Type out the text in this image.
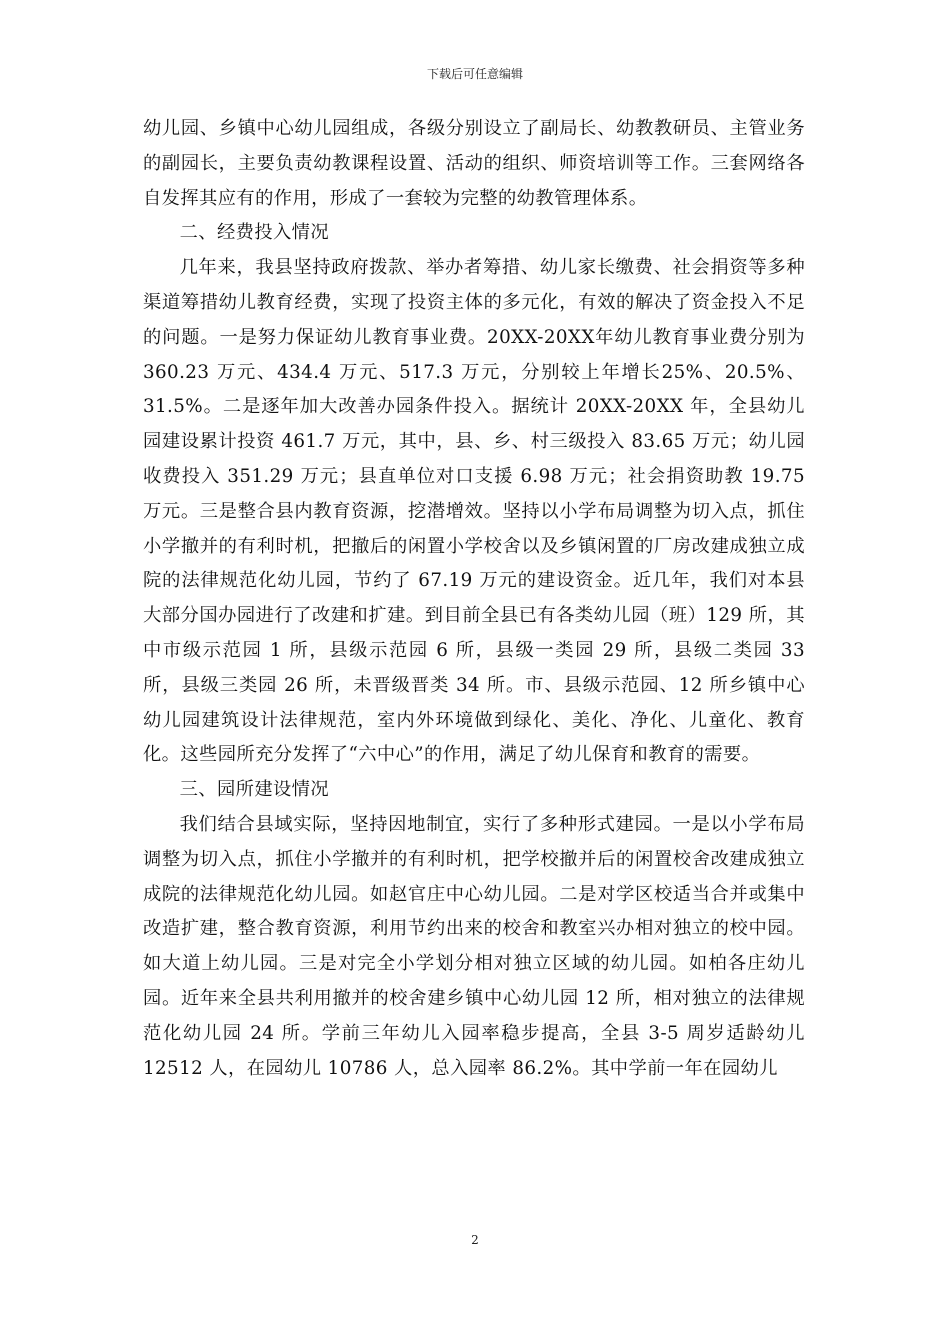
下载后可任意编辑

幼儿园、乡镇中心幼儿园组成，各级分别设立了副局长、幼教教研员、主管业务的副园长，主要负责幼教课程设置、活动的组织、师资培训等工作。三套网络各自发挥其应有的作用，形成了一套较为完整的幼教管理体系。

二、经费投入情况

几年来，我县坚持政府拨款、举办者筹措、幼儿家长缴费、社会捐资等多种渠道筹措幼儿教育经费，实现了投资主体的多元化，有效的解决了资金投入不足的问题。一是努力保证幼儿教育事业费。20XX-20XX年幼儿教育事业费分别为 360.23 万元、434.4 万元、517.3 万元，分别较上年增长25%、20.5%、31.5%。二是逐年加大改善办园条件投入。据统计 20XX-20XX 年，全县幼儿园建设累计投资 461.7 万元，其中，县、乡、村三级投入 83.65 万元；幼儿园收费投入 351.29 万元；县直单位对口支援 6.98 万元；社会捐资助教 19.75 万元。三是整合县内教育资源，挖潜增效。坚持以小学布局调整为切入点，抓住小学撤并的有利时机，把撤后的闲置小学校舍以及乡镇闲置的厂房改建成独立成院的法律规范化幼儿园，节约了 67.19 万元的建设资金。近几年，我们对本县大部分国办园进行了改建和扩建。到目前全县已有各类幼儿园（班）129 所，其中市级示范园 1 所，县级示范园 6 所，县级一类园 29 所，县级二类园 33 所，县级三类园 26 所，未晋级晋类 34 所。市、县级示范园、12 所乡镇中心幼儿园建筑设计法律规范，室内外环境做到绿化、美化、净化、儿童化、教育化。这些园所充分发挥了“六中心”的作用，满足了幼儿保育和教育的需要。

三、园所建设情况

我们结合县域实际，坚持因地制宜，实行了多种形式建园。一是以小学布局调整为切入点，抓住小学撤并的有利时机，把学校撤并后的闲置校舍改建成独立成院的法律规范化幼儿园。如赵官庄中心幼儿园。二是对学区校适当合并或集中改造扩建，整合教育资源，利用节约出来的校舍和教室兴办相对独立的校中园。如大道上幼儿园。三是对完全小学划分相对独立区域的幼儿园。如柏各庄幼儿园。近年来全县共利用撤并的校舍建乡镇中心幼儿园 12 所，相对独立的法律规范化幼儿园 24 所。学前三年幼儿入园率稳步提高，全县 3-5 周岁适龄幼儿 12512 人，在园幼儿 10786 人，总入园率 86.2%。其中学前一年在园幼儿

2
